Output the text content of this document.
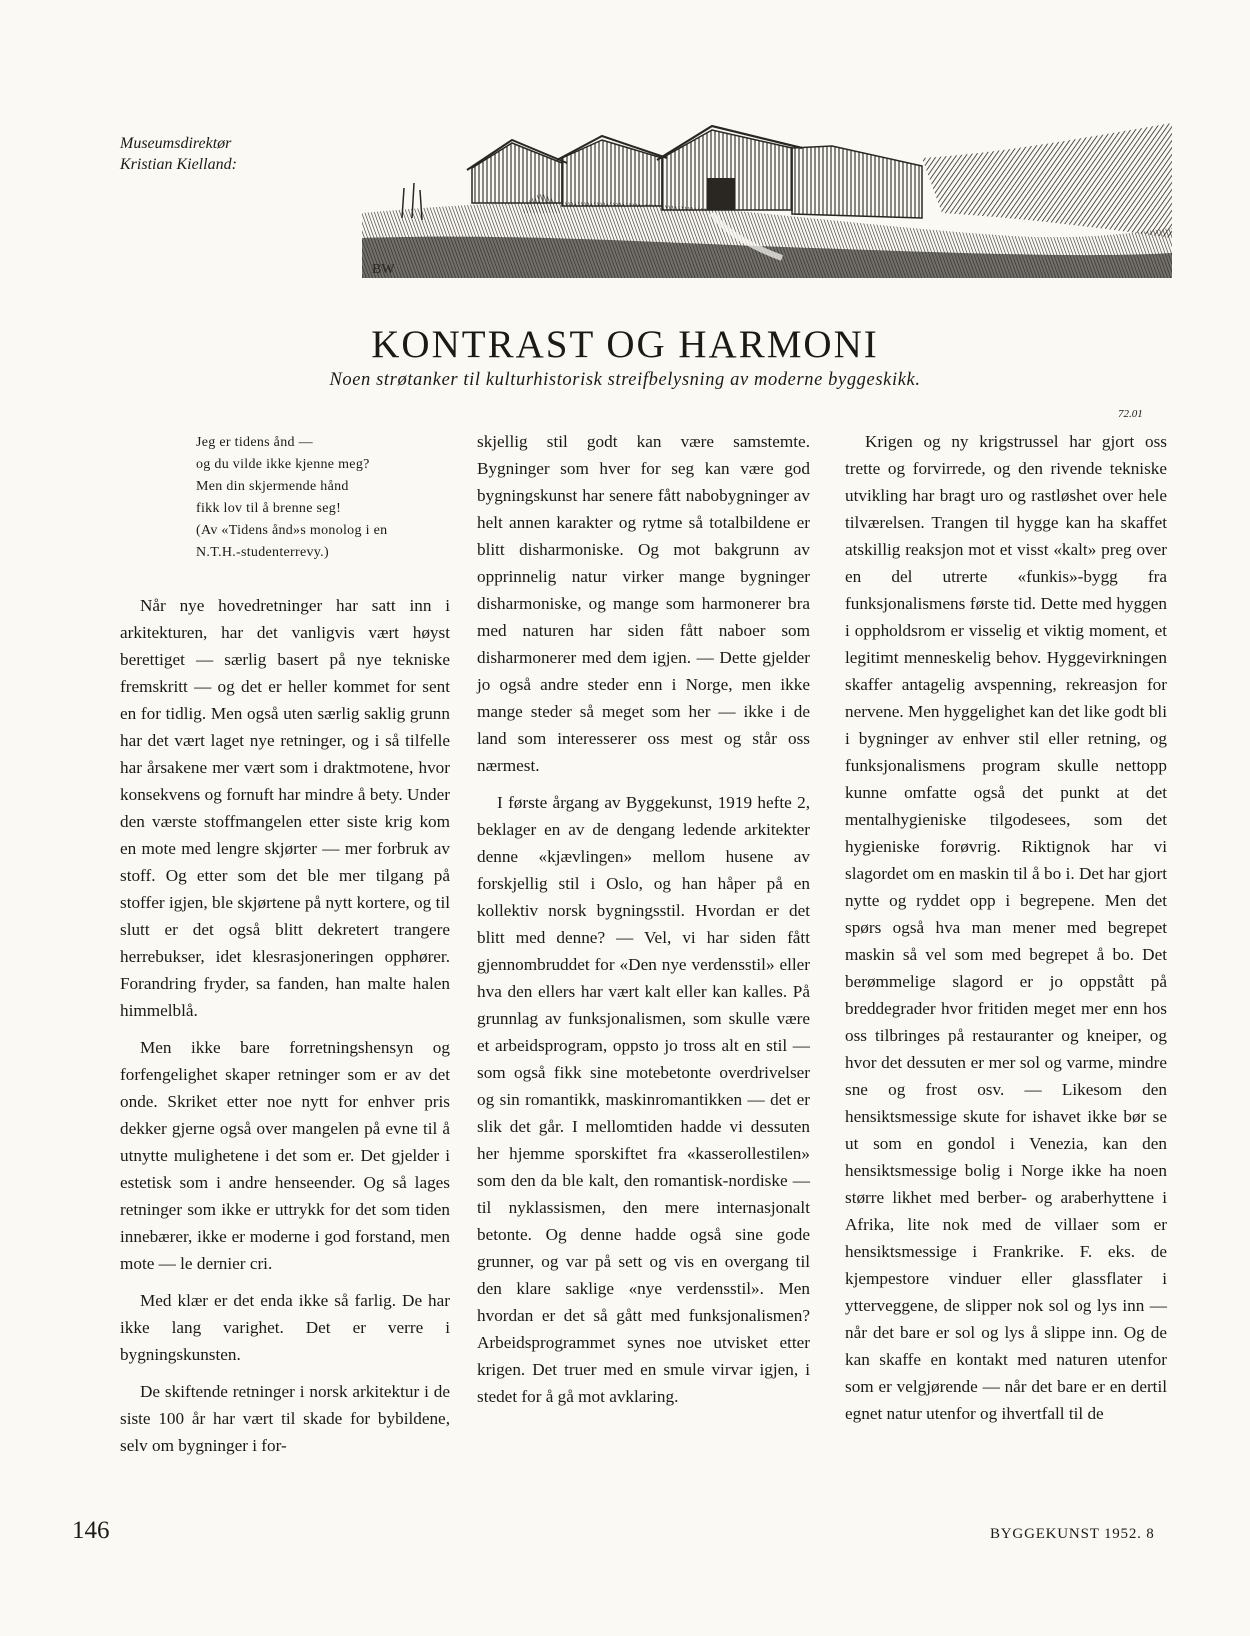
Museumsdirektør
Kristian Kielland:
BW
KONTRAST OG HARMONI
Noen strøtanker til kulturhistorisk streifbelysning av moderne byggeskikk.
72.01
Jeg er tidens ånd —
og du vilde ikke kjenne meg?
Men din skjermende hånd
fikk lov til å brenne seg!
(Av «Tidens ånd»s monolog i en
N.T.H.-studenterrevy.)

Når nye hovedretninger har satt inn i arkitekturen, har det vanligvis vært høyst berettiget — særlig basert på nye tekniske fremskritt — og det er heller kommet for sent en for tidlig. Men også uten særlig saklig grunn har det vært laget nye retninger, og i så tilfelle har årsakene mer vært som i draktmotene, hvor konsekvens og fornuft har mindre å bety. Under den værste stoffmangelen etter siste krig kom en mote med lengre skjørter — mer forbruk av stoff. Og etter som det ble mer tilgang på stoffer igjen, ble skjørtene på nytt kortere, og til slutt er det også blitt dekretert trangere herrebukser, idet klesrasjoneringen opphører. Forandring fryder, sa fanden, han malte halen himmelblå.

Men ikke bare forretningshensyn og forfengelighet skaper retninger som er av det onde. Skriket etter noe nytt for enhver pris dekker gjerne også over mangelen på evne til å utnytte mulighetene i det som er. Det gjelder i estetisk som i andre henseender. Og så lages retninger som ikke er uttrykk for det som tiden innebærer, ikke er moderne i god forstand, men mote — le dernier cri.

Med klær er det enda ikke så farlig. De har ikke lang varighet. Det er verre i bygningskunsten.

De skiftende retninger i norsk arkitektur i de siste 100 år har vært til skade for bybildene, selv om bygninger i for-

skjellig stil godt kan være samstemte. Bygninger som hver for seg kan være god bygningskunst har senere fått nabobygninger av helt annen karakter og rytme så totalbildene er blitt disharmoniske. Og mot bakgrunn av opprinnelig natur virker mange bygninger disharmoniske, og mange som harmonerer bra med naturen har siden fått naboer som disharmonerer med dem igjen. — Dette gjelder jo også andre steder enn i Norge, men ikke mange steder så meget som her — ikke i de land som interesserer oss mest og står oss nærmest.

I første årgang av Byggekunst, 1919 hefte 2, beklager en av de dengang ledende arkitekter denne «kjævlingen» mellom husene av forskjellig stil i Oslo, og han håper på en kollektiv norsk bygningsstil. Hvordan er det blitt med denne? — Vel, vi har siden fått gjennombruddet for «Den nye verdensstil» eller hva den ellers har vært kalt eller kan kalles. På grunnlag av funksjonalismen, som skulle være et arbeidsprogram, oppsto jo tross alt en stil — som også fikk sine motebetonte overdrivelser og sin romantikk, maskinromantikken — det er slik det går. I mellomtiden hadde vi dessuten her hjemme sporskiftet fra «kasserollestilen» som den da ble kalt, den romantisk-nordiske — til nyklassismen, den mere internasjonalt betonte. Og denne hadde også sine gode grunner, og var på sett og vis en overgang til den klare saklige «nye verdensstil». Men hvordan er det så gått med funksjonalismen? Arbeidsprogrammet synes noe utvisket etter krigen. Det truer med en smule virvar igjen, i stedet for å gå mot avklaring.

Krigen og ny krigstrussel har gjort oss trette og forvirrede, og den rivende tekniske utvikling har bragt uro og rastløshet over hele tilværelsen. Trangen til hygge kan ha skaffet atskillig reaksjon mot et visst «kalt» preg over en del utrerte «funkis»-bygg fra funksjonalismens første tid. Dette med hyggen i oppholdsrom er visselig et viktig moment, et legitimt menneskelig behov. Hyggevirkningen skaffer antagelig avspenning, rekreasjon for nervene. Men hyggelighet kan det like godt bli i bygninger av enhver stil eller retning, og funksjonalismens program skulle nettopp kunne omfatte også det punkt at det mentalhygieniske tilgodesees, som det hygieniske forøvrig. Riktignok har vi slagordet om en maskin til å bo i. Det har gjort nytte og ryddet opp i begrepene. Men det spørs også hva man mener med begrepet maskin så vel som med begrepet å bo. Det berømmelige slagord er jo oppstått på breddegrader hvor fritiden meget mer enn hos oss tilbringes på restauranter og kneiper, og hvor det dessuten er mer sol og varme, mindre sne og frost osv. — Likesom den hensiktsmessige skute for ishavet ikke bør se ut som en gondol i Venezia, kan den hensiktsmessige bolig i Norge ikke ha noen større likhet med berber- og araberhyttene i Afrika, lite nok med de villaer som er hensiktsmessige i Frankrike. F. eks. de kjempestore vinduer eller glassflater i ytterveggene, de slipper nok sol og lys inn — når det bare er sol og lys å slippe inn. Og de kan skaffe en kontakt med naturen utenfor som er velgjørende — når det bare er en dertil egnet natur utenfor og ihvertfall til de

146	BYGGEKUNST 1952. 8
